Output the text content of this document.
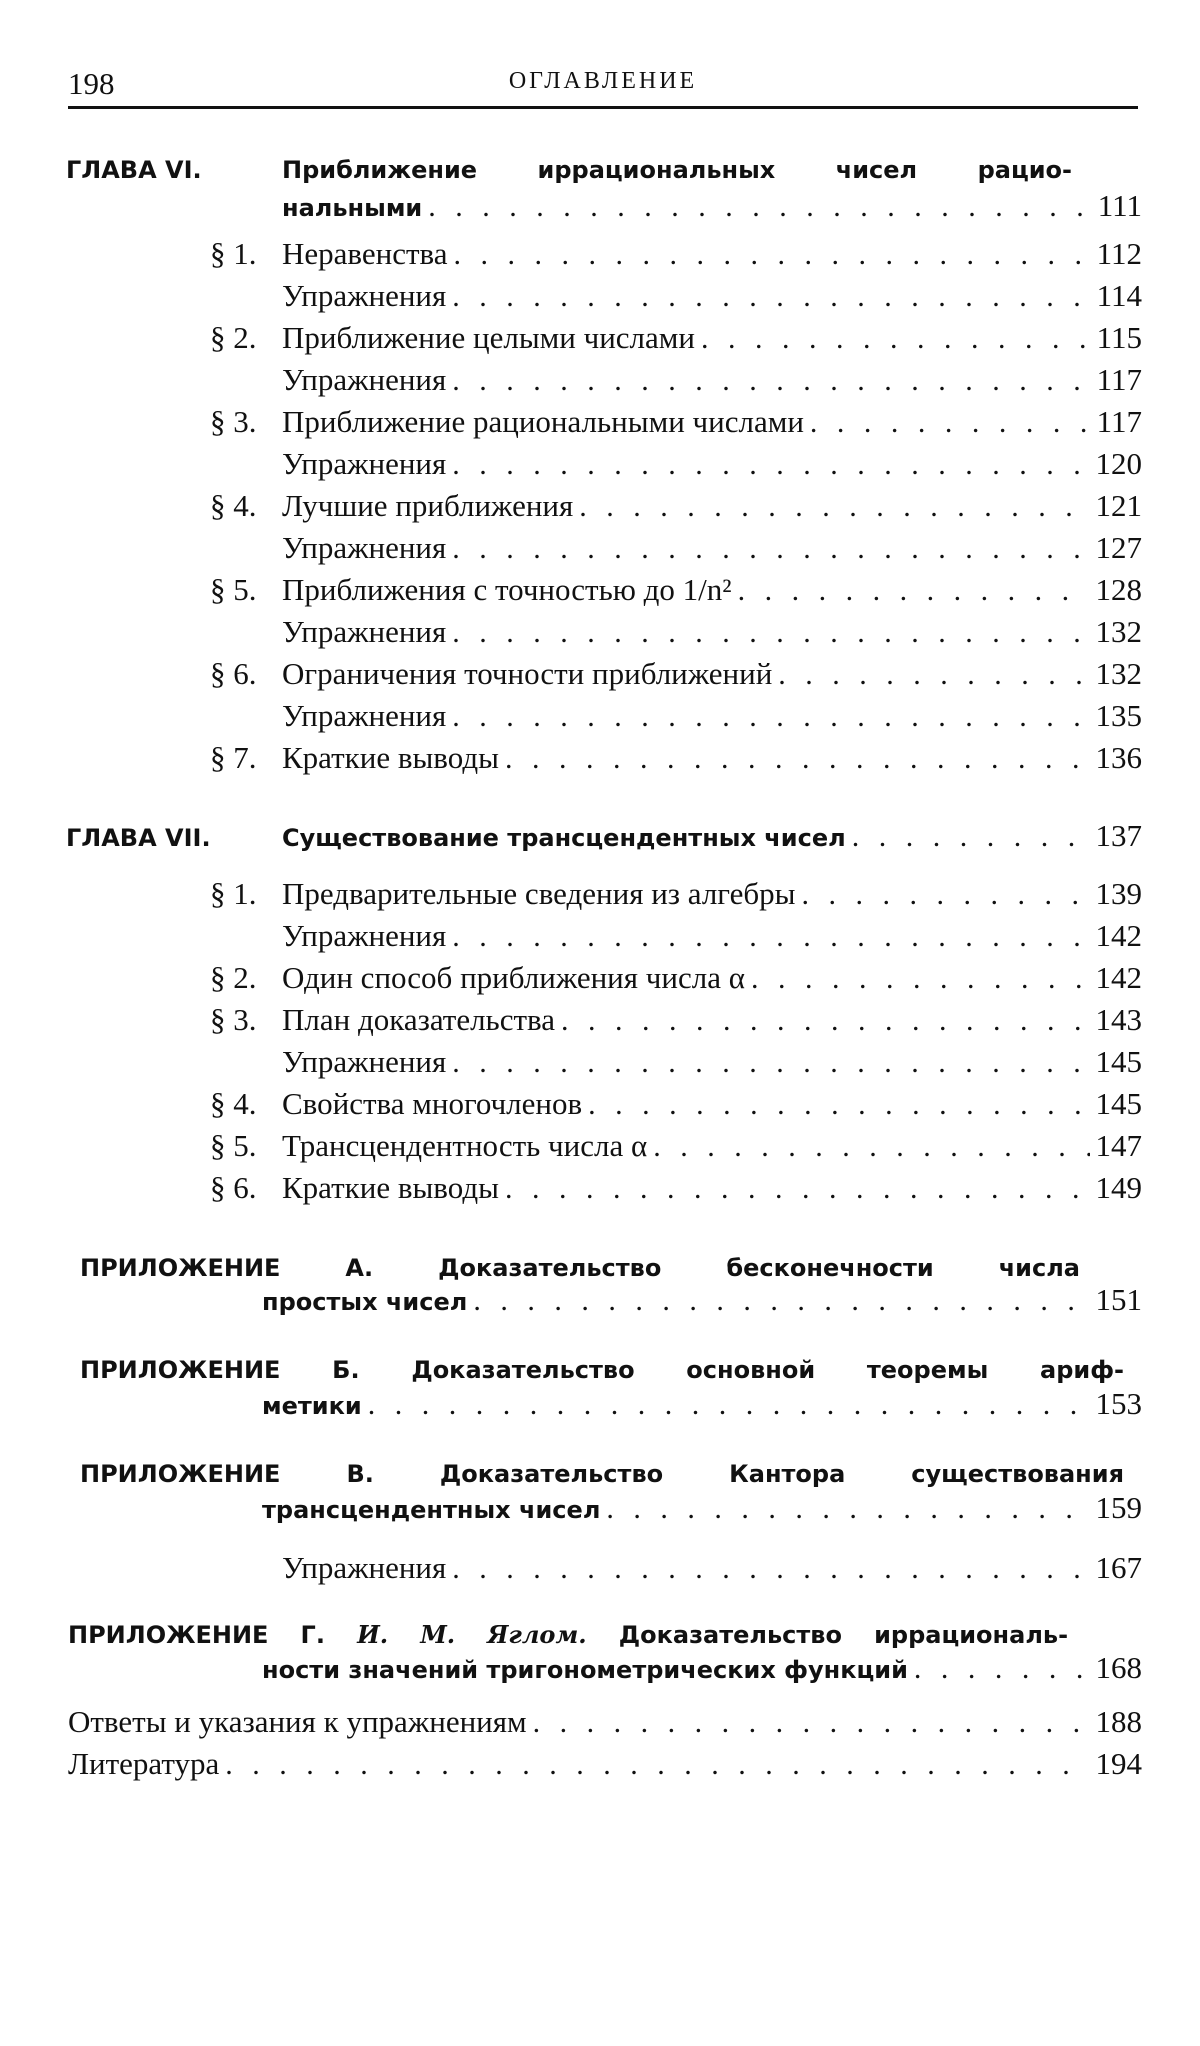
198	ОГЛАВЛЕНИЕ
ГЛАВА VI.	Приближение иррациональных чисел рацио-
нальными . . .	111
§ 1. Неравенства . . .	112
Упражнения . . .	114
§ 2. Приближение целыми числами . . .	115
Упражнения . . .	117
§ 3. Приближение рациональными числами . . .	117
Упражнения . . .	120
§ 4. Лучшие приближения . . .	121
Упражнения . . .	127
§ 5. Приближения с точностью до 1/n² . . .	128
Упражнения . . .	132
§ 6. Ограничения точности приближений . . .	132
Упражнения . . .	135
§ 7. Краткие выводы . . .	136
ГЛАВА VII.	Существование трансцендентных чисел . . .	137
§ 1. Предварительные сведения из алгебры . . .	139
Упражнения . . .	142
§ 2. Один способ приближения числа α . . .	142
§ 3. План доказательства . . .	143
Упражнения . . .	145
§ 4. Свойства многочленов . . .	145
§ 5. Трансцендентность числа α . . .	147
§ 6. Краткие выводы . . .	149
ПРИЛОЖЕНИЕ А.	Доказательство бесконечности числа
простых чисел . . .	151
ПРИЛОЖЕНИЕ Б. Доказательство основной теоремы ариф-
метики . . .	153
ПРИЛОЖЕНИЕ В.	Доказательство Кантора существования
трансцендентных чисел . . .	159
Упражнения . . .	167
ПРИЛОЖЕНИЕ Г. И. М. Яглом. Доказательство иррациональ-
ности значений тригонометрических функций . . .	168
Ответы и указания к упражнениям . . .	188
Литература . . .	194
